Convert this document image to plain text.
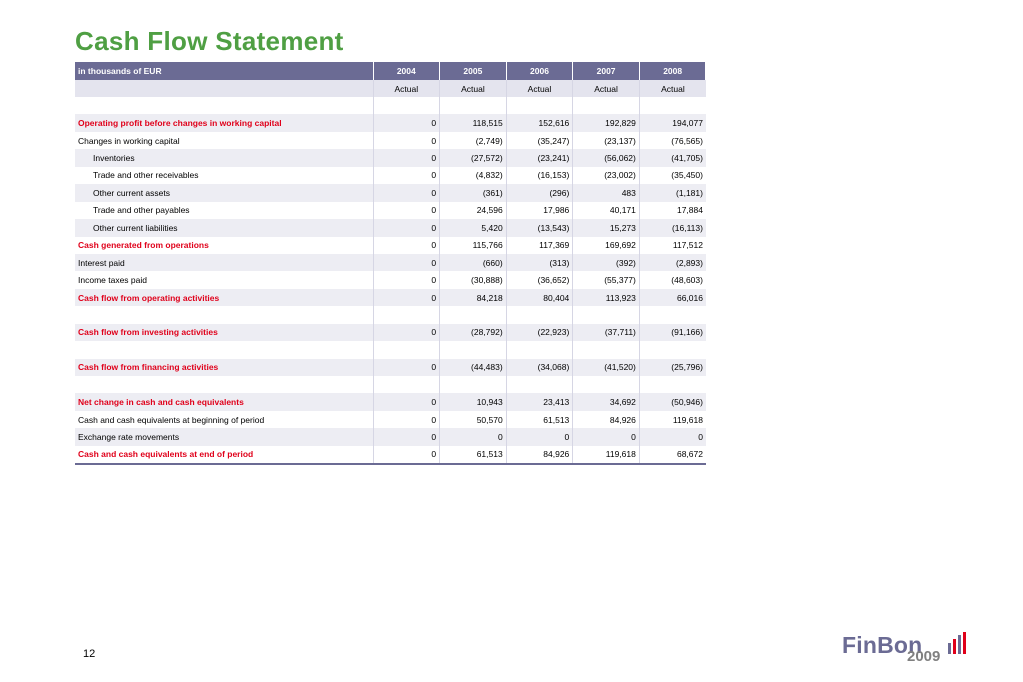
Cash Flow Statement
in thousands of EUR	2004	2005	2006	2007	2008
	Actual	Actual	Actual	Actual	Actual

Operating profit before changes in working capital	0	118,515	152,616	192,829	194,077
Changes in working capital	0	(2,749)	(35,247)	(23,137)	(76,565)
Inventories	0	(27,572)	(23,241)	(56,062)	(41,705)
Trade and other receivables	0	(4,832)	(16,153)	(23,002)	(35,450)
Other current assets	0	(361)	(296)	483	(1,181)
Trade and other payables	0	24,596	17,986	40,171	17,884
Other current liabilities	0	5,420	(13,543)	15,273	(16,113)
Cash generated from operations	0	115,766	117,369	169,692	117,512
Interest paid	0	(660)	(313)	(392)	(2,893)
Income taxes paid	0	(30,888)	(36,652)	(55,377)	(48,603)
Cash flow from operating activities	0	84,218	80,404	113,923	66,016

Cash flow from investing activities	0	(28,792)	(22,923)	(37,711)	(91,166)

Cash flow from financing activities	0	(44,483)	(34,068)	(41,520)	(25,796)

Net change in cash and cash equivalents	0	10,943	23,413	34,692	(50,946)
Cash and cash equivalents at beginning of period	0	50,570	61,513	84,926	119,618
Exchange rate movements	0	0	0	0	0
Cash and cash equivalents at end of period	0	61,513	84,926	119,618	68,672
12	FinBon
2009
